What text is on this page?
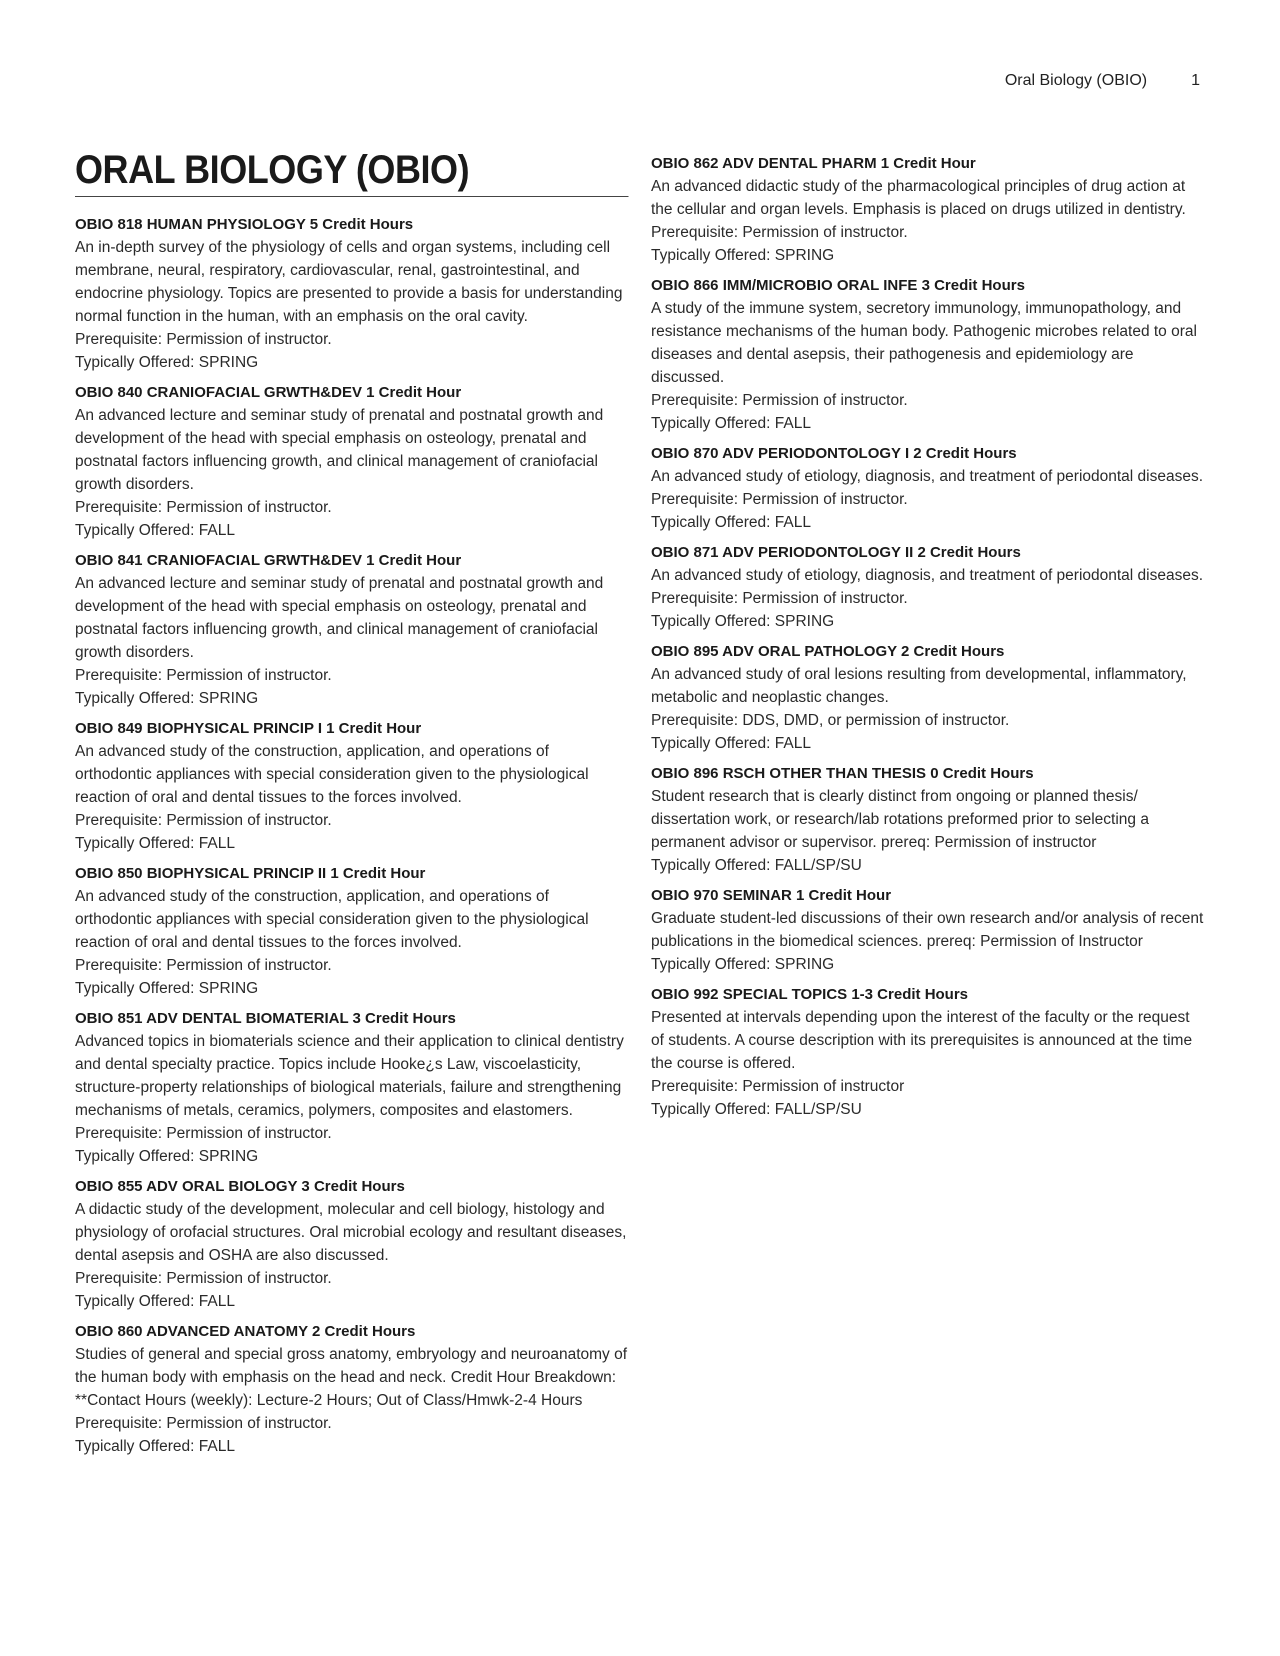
Oral Biology (OBIO)	1
ORAL BIOLOGY (OBIO)
OBIO 818 HUMAN PHYSIOLOGY 5 Credit Hours
An in-depth survey of the physiology of cells and organ systems, including cell membrane, neural, respiratory, cardiovascular, renal, gastrointestinal, and endocrine physiology. Topics are presented to provide a basis for understanding normal function in the human, with an emphasis on the oral cavity.
Prerequisite: Permission of instructor.
Typically Offered: SPRING
OBIO 840 CRANIOFACIAL GRWTH&DEV 1 Credit Hour
An advanced lecture and seminar study of prenatal and postnatal growth and development of the head with special emphasis on osteology, prenatal and postnatal factors influencing growth, and clinical management of craniofacial growth disorders.
Prerequisite: Permission of instructor.
Typically Offered: FALL
OBIO 841 CRANIOFACIAL GRWTH&DEV 1 Credit Hour
An advanced lecture and seminar study of prenatal and postnatal growth and development of the head with special emphasis on osteology, prenatal and postnatal factors influencing growth, and clinical management of craniofacial growth disorders.
Prerequisite: Permission of instructor.
Typically Offered: SPRING
OBIO 849 BIOPHYSICAL PRINCIP I 1 Credit Hour
An advanced study of the construction, application, and operations of orthodontic appliances with special consideration given to the physiological reaction of oral and dental tissues to the forces involved.
Prerequisite: Permission of instructor.
Typically Offered: FALL
OBIO 850 BIOPHYSICAL PRINCIP II 1 Credit Hour
An advanced study of the construction, application, and operations of orthodontic appliances with special consideration given to the physiological reaction of oral and dental tissues to the forces involved.
Prerequisite: Permission of instructor.
Typically Offered: SPRING
OBIO 851 ADV DENTAL BIOMATERIAL 3 Credit Hours
Advanced topics in biomaterials science and their application to clinical dentistry and dental specialty practice. Topics include Hooke¿s Law, viscoelasticity, structure-property relationships of biological materials, failure and strengthening mechanisms of metals, ceramics, polymers, composites and elastomers.
Prerequisite: Permission of instructor.
Typically Offered: SPRING
OBIO 855 ADV ORAL BIOLOGY 3 Credit Hours
A didactic study of the development, molecular and cell biology, histology and physiology of orofacial structures. Oral microbial ecology and resultant diseases, dental asepsis and OSHA are also discussed.
Prerequisite: Permission of instructor.
Typically Offered: FALL
OBIO 860 ADVANCED ANATOMY 2 Credit Hours
Studies of general and special gross anatomy, embryology and neuroanatomy of the human body with emphasis on the head and neck. Credit Hour Breakdown: **Contact Hours (weekly): Lecture-2 Hours; Out of Class/Hmwk-2-4 Hours
Prerequisite: Permission of instructor.
Typically Offered: FALL
OBIO 862 ADV DENTAL PHARM 1 Credit Hour
An advanced didactic study of the pharmacological principles of drug action at the cellular and organ levels. Emphasis is placed on drugs utilized in dentistry.
Prerequisite: Permission of instructor.
Typically Offered: SPRING
OBIO 866 IMM/MICROBIO ORAL INFE 3 Credit Hours
A study of the immune system, secretory immunology, immunopathology, and resistance mechanisms of the human body. Pathogenic microbes related to oral diseases and dental asepsis, their pathogenesis and epidemiology are discussed.
Prerequisite: Permission of instructor.
Typically Offered: FALL
OBIO 870 ADV PERIODONTOLOGY I 2 Credit Hours
An advanced study of etiology, diagnosis, and treatment of periodontal diseases.
Prerequisite: Permission of instructor.
Typically Offered: FALL
OBIO 871 ADV PERIODONTOLOGY II 2 Credit Hours
An advanced study of etiology, diagnosis, and treatment of periodontal diseases.
Prerequisite: Permission of instructor.
Typically Offered: SPRING
OBIO 895 ADV ORAL PATHOLOGY 2 Credit Hours
An advanced study of oral lesions resulting from developmental, inflammatory, metabolic and neoplastic changes.
Prerequisite: DDS, DMD, or permission of instructor.
Typically Offered: FALL
OBIO 896 RSCH OTHER THAN THESIS 0 Credit Hours
Student research that is clearly distinct from ongoing or planned thesis/ dissertation work, or research/lab rotations preformed prior to selecting a permanent advisor or supervisor. prereq: Permission of instructor
Typically Offered: FALL/SP/SU
OBIO 970 SEMINAR 1 Credit Hour
Graduate student-led discussions of their own research and/or analysis of recent publications in the biomedical sciences. prereq: Permission of Instructor
Typically Offered: SPRING
OBIO 992 SPECIAL TOPICS 1-3 Credit Hours
Presented at intervals depending upon the interest of the faculty or the request of students. A course description with its prerequisites is announced at the time the course is offered.
Prerequisite: Permission of instructor
Typically Offered: FALL/SP/SU
